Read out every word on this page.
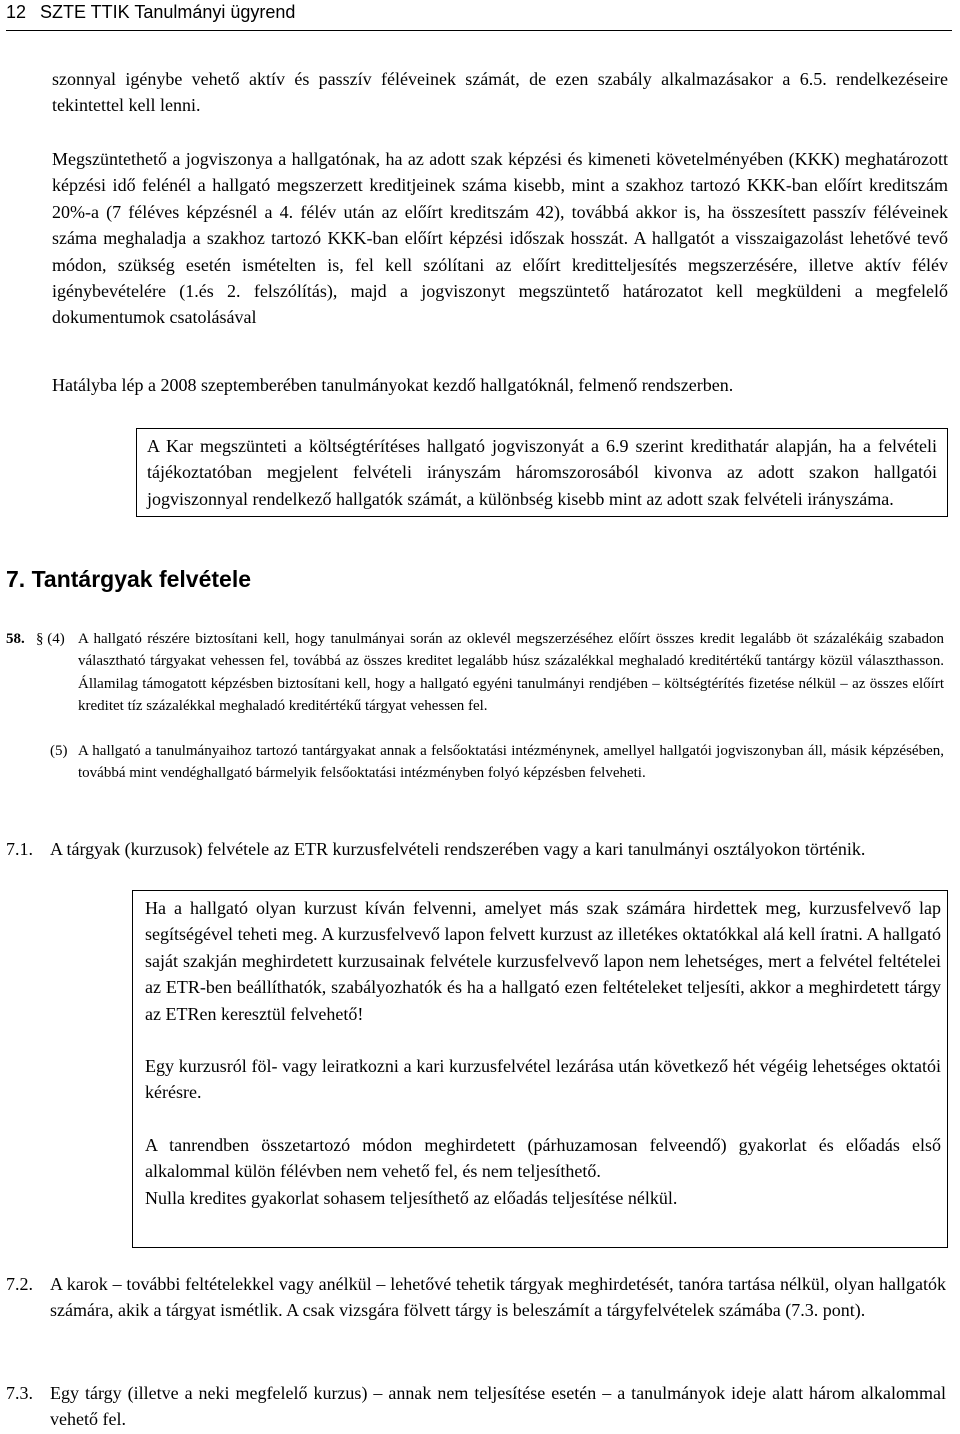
12 SZTE TTIK Tanulmányi ügyrend

szonnyal igénybe vehető aktív és passzív féléveinek számát, de ezen szabály alkalmazásakor a 6.5. rendelkezéseire tekintettel kell lenni.

Megszüntethető a jogviszonya a hallgatónak, ha az adott szak képzési és kimeneti követelményében (KKK) meghatározott képzési idő felénél a hallgató megszerzett kreditjeinek száma kisebb, mint a szakhoz tartozó KKK-ban előírt kreditszám 20%-a (7 féléves képzésnél a 4. félév után az előírt kreditszám 42), továbbá akkor is, ha összesített passzív féléveinek száma meghaladja a szakhoz tartozó KKK-ban előírt képzési időszak hosszát. A hallgatót a visszaigazolást lehetővé tevő módon, szükség esetén ismételten is, fel kell szólítani az előírt kreditteljesítés megszerzésére, illetve aktív félév igénybevételére (1.és 2. felszólítás), majd a jogviszonyt megszüntető határozatot kell megküldeni a megfelelő dokumentumok csatolásával

Hatályba lép a 2008 szeptemberében tanulmányokat kezdő hallgatóknál, felmenő rendszerben.

A Kar megszünteti a költségtérítéses hallgató jogviszonyát a 6.9 szerint kredithatár alapján, ha a felvételi tájékoztatóban megjelent felvételi irányszám háromszorosából kivonva az adott szakon hallgatói jogviszonnyal rendelkező hallgatók számát, a különbség kisebb mint az adott szak felvételi irányszáma.

7. Tantárgyak felvétele
58. § (4) A hallgató részére biztosítani kell, hogy tanulmányai során az oklevél megszerzéséhez előírt összes kredit legalább öt százalékáig szabadon választható tárgyakat vehessen fel, továbbá az összes kreditet legalább húsz százalékkal meghaladó kreditértékű tantárgy közül választhasson. Államilag támogatott képzésben biztosítani kell, hogy a hallgató egyéni tanulmányi rendjében – költségtérítés fizetése nélkül – az összes előírt kreditet tíz százalékkal meghaladó kreditértékű tárgyat vehessen fel.

(5) A hallgató a tanulmányaihoz tartozó tantárgyakat annak a felsőoktatási intézménynek, amellyel hallgatói jogviszonyban áll, másik képzésében, továbbá mint vendéghallgató bármelyik felsőoktatási intézményben folyó képzésben felveheti.

7.1. A tárgyak (kurzusok) felvétele az ETR kurzusfelvételi rendszerében vagy a kari tanulmányi osztályokon történik.

Ha a hallgató olyan kurzust kíván felvenni, amelyet más szak számára hirdettek meg, kurzusfelvevő lap segítségével teheti meg. A kurzusfelvevő lapon felvett kurzust az illetékes oktatókkal alá kell íratni. A hallgató saját szakján meghirdetett kurzusainak felvétele kurzusfelvevő lapon nem lehetséges, mert a felvétel feltételei az ETR-ben beállíthatók, szabályozhatók és ha a hallgató ezen feltételeket teljesíti, akkor a meghirdetett tárgy az ETRen keresztül felvehető!

Egy kurzusról föl- vagy leiratkozni a kari kurzusfelvétel lezárása után következő hét végéig lehetséges oktatói kérésre.

A tanrendben összetartozó módon meghirdetett (párhuzamosan felveendő) gyakorlat és előadás első alkalommal külön félévben nem vehető fel, és nem teljesíthető.

Nulla kredites gyakorlat sohasem teljesíthető az előadás teljesítése nélkül.

7.2. A karok – további feltételekkel vagy anélkül – lehetővé tehetik tárgyak meghirdetését, tanóra tartása nélkül, olyan hallgatók számára, akik a tárgyat ismétlik. A csak vizsgára fölvett tárgy is beleszámít a tárgyfelvételek számába (7.3. pont).

7.3. Egy tárgy (illetve a neki megfelelő kurzus) – annak nem teljesítése esetén – a tanulmányok ideje alatt három alkalommal vehető fel.
